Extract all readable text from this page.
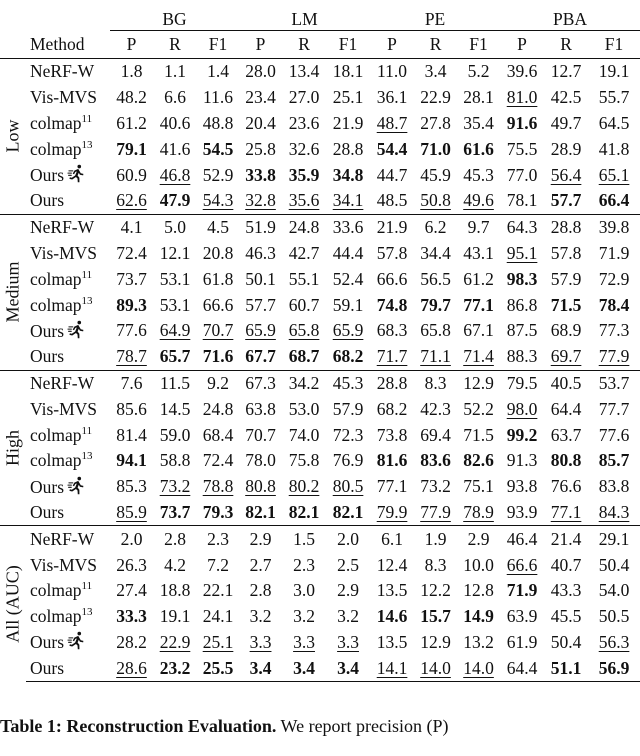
		BG			LM			PE			PBA		
	Method	P	R	F1	P	R	F1	P	R	F1	P	R	F1

Low	NeRF-W	1.8	1.1	1.4	28.0	13.4	18.1	11.0	3.4	5.2	39.6	12.7	19.1
	Vis-MVS	48.2	6.6	11.6	23.4	27.0	25.1	36.1	22.9	28.1	81.0	42.5	55.7
	colmap$^{11}$	61.2	40.6	48.8	20.4	23.6	21.9	48.7	27.8	35.4	91.6	49.7	64.5
	colmap$^{13}$	79.1	41.6	54.5	25.8	32.6	28.8	54.4	71.0	61.6	75.5	28.9	41.8
	Ours	60.9	46.8	52.9	33.8	35.9	34.8	44.7	45.9	45.3	77.0	56.4	65.1
	Ours	62.6	47.9	54.3	32.8	35.6	34.1	48.5	50.8	49.6	78.1	57.7	66.4

Medium	NeRF-W	4.1	5.0	4.5	51.9	24.8	33.6	21.9	6.2	9.7	64.3	28.8	39.8
	Vis-MVS	72.4	12.1	20.8	46.3	42.7	44.4	57.8	34.4	43.1	95.1	57.8	71.9
	colmap$^{11}$	73.7	53.1	61.8	50.1	55.1	52.4	66.6	56.5	61.2	98.3	57.9	72.9
	colmap$^{13}$	89.3	53.1	66.6	57.7	60.7	59.1	74.8	79.7	77.1	86.8	71.5	78.4
	Ours	77.6	64.9	70.7	65.9	65.8	65.9	68.3	65.8	67.1	87.5	68.9	77.3
	Ours	78.7	65.7	71.6	67.7	68.7	68.2	71.7	71.1	71.4	88.3	69.7	77.9

High	NeRF-W	7.6	11.5	9.2	67.3	34.2	45.3	28.8	8.3	12.9	79.5	40.5	53.7
	Vis-MVS	85.6	14.5	24.8	63.8	53.0	57.9	68.2	42.3	52.2	98.0	64.4	77.7
	colmap$^{11}$	81.4	59.0	68.4	70.7	74.0	72.3	73.8	69.4	71.5	99.2	63.7	77.6
	colmap$^{13}$	94.1	58.8	72.4	78.0	75.8	76.9	81.6	83.6	82.6	91.3	80.8	85.7
	Ours	85.3	73.2	78.8	80.8	80.2	80.5	77.1	73.2	75.1	93.8	76.6	83.8
	Ours	85.9	73.7	79.3	82.1	82.1	82.1	79.9	77.9	78.9	93.9	77.1	84.3

All (AUC)	NeRF-W	2.0	2.8	2.3	2.9	1.5	2.0	6.1	1.9	2.9	46.4	21.4	29.1
	Vis-MVS	26.3	4.2	7.2	2.7	2.3	2.5	12.4	8.3	10.0	66.6	40.7	50.4
	colmap$^{11}$	27.4	18.8	22.1	2.8	3.0	2.9	13.5	12.2	12.8	71.9	43.3	54.0
	colmap$^{13}$	33.3	19.1	24.1	3.2	3.2	3.2	14.6	15.7	14.9	63.9	45.5	50.5
	Ours	28.2	22.9	25.1	3.3	3.3	3.3	13.5	12.9	13.2	61.9	50.4	56.3
	Ours	28.6	23.2	25.5	3.4	3.4	3.4	14.1	14.0	14.0	64.4	51.1	56.9
Table 1: Reconstruction Evaluation. We report precision (P)
